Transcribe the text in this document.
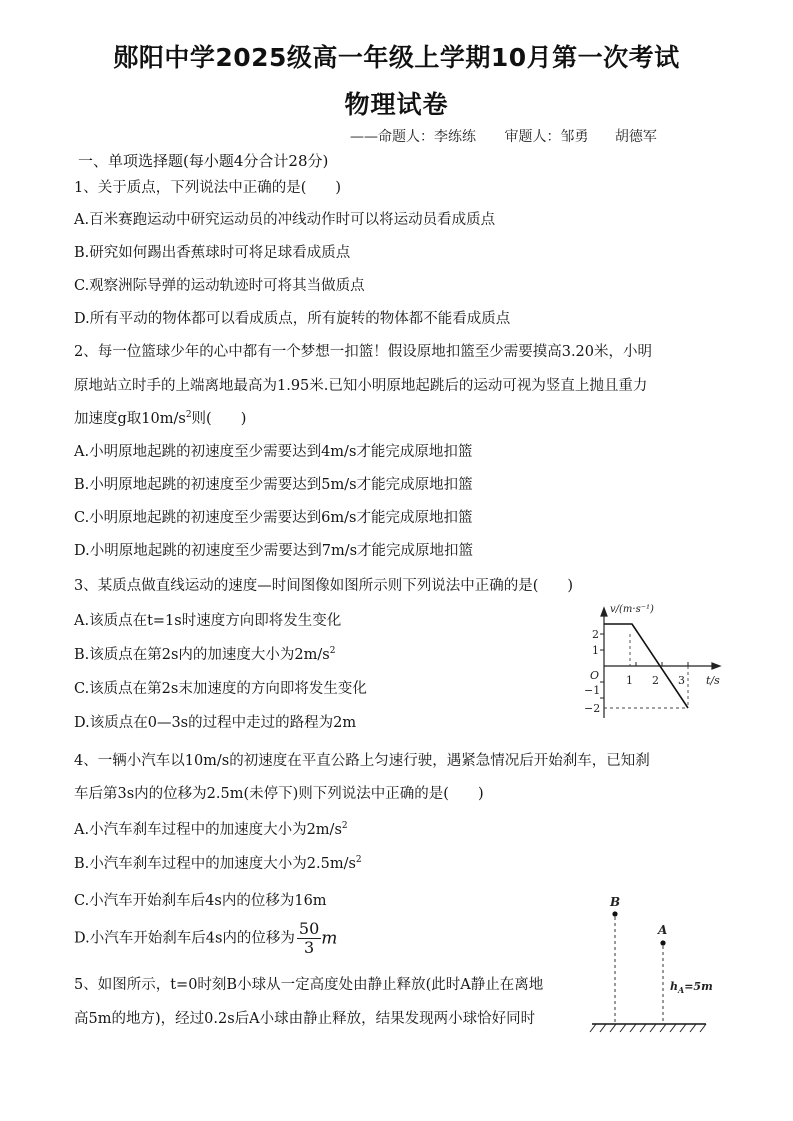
郧阳中学2025级高一年级上学期10月第一次考试
物理试卷
——命题人：李练练 审题人：邹勇 胡德军
一、单项选择题(每小题4分合计28分)
1、关于质点，下列说法中正确的是(　　)
A.百米赛跑运动中研究运动员的冲线动作时可以将运动员看成质点
B.研究如何踢出香蕉球时可将足球看成质点
C.观察洲际导弹的运动轨迹时可将其当做质点
D.所有平动的物体都可以看成质点，所有旋转的物体都不能看成质点
2、每一位篮球少年的心中都有一个梦想一扣篮！假设原地扣篮至少需要摸高3.20米，小明
原地站立时手的上端离地最高为1.95米.已知小明原地起跳后的运动可视为竖直上抛且重力
加速度g取$10m/s^2$则(　　)
A.小明原地起跳的初速度至少需要达到4m/s才能完成原地扣篮
B.小明原地起跳的初速度至少需要达到5m/s才能完成原地扣篮
C.小明原地起跳的初速度至少需要达到6m/s才能完成原地扣篮
D.小明原地起跳的初速度至少需要达到7m/s才能完成原地扣篮
3、某质点做直线运动的速度—时间图像如图所示则下列说法中正确的是(　　)
A.该质点在t=1s时速度方向即将发生变化
B.该质点在第2s内的加速度大小为$2m/s^2$
C.该质点在第2s末加速度的方向即将发生变化
D.该质点在0—3s的过程中走过的路程为2m
v/(m·s⁻¹)
t/s
O
2
1
−1
−2
1 2 3
4、一辆小汽车以10m/s的初速度在平直公路上匀速行驶，遇紧急情况后开始刹车，已知刹
车后第3s内的位移为2.5m(未停下)则下列说法中正确的是(　　)
A.小汽车刹车过程中的加速度大小为$2m/s^2$
B.小汽车刹车过程中的加速度大小为$2.5m/s^2$
C.小汽车开始刹车后4s内的位移为16m
D.小汽车开始刹车后4s内的位移为 $\frac{50}{3}$ m
5、如图所示，t=0时刻B小球从一定高度处由静止释放(此时A静止在离地
高5m的地方)，经过0.2s后A小球由静止释放，结果发现两小球恰好同时
B
A
$h_A=5m$
